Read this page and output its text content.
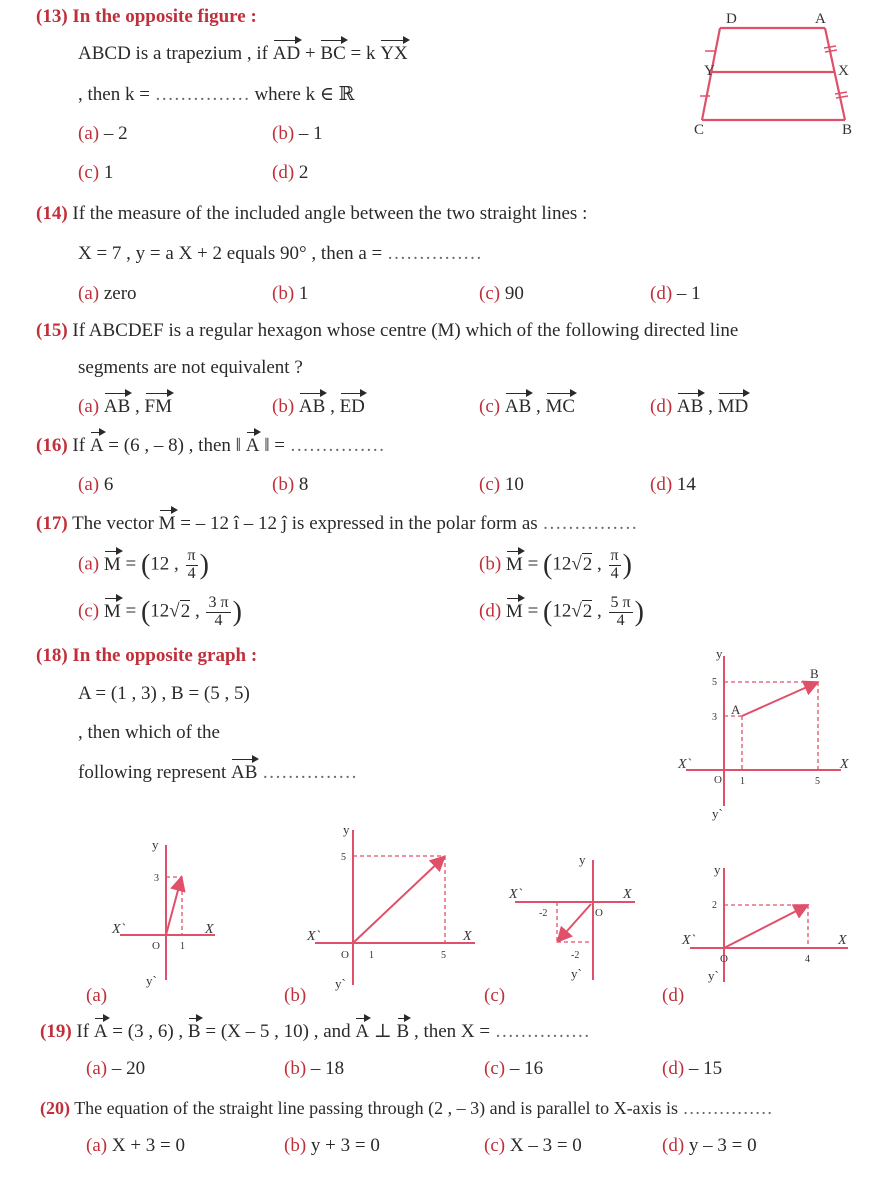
(13) In the opposite figure :
ABCD is a trapezium , if AD + BC = k YX
, then k = …………… where k ∈ ℝ
(a) – 2	(b) – 1
(c) 1	(d) 2
D	A
Y	X
C	B
(14) If the measure of the included angle between the two straight lines :
X = 7 , y = a X + 2 equals 90° , then a = ……………
(a) zero	(b) 1	(c) 90	(d) – 1
(15) If ABCDEF is a regular hexagon whose centre (M) which of the following directed line
segments are not equivalent ?
(a) AB , FM	(b) AB , ED	(c) AB , MC	(d) AB , MD
(16) If A = (6 , – 8) , then ‖ A ‖ = ……………
(a) 6	(b) 8	(c) 10	(d) 14
(17) The vector M = – 12 î – 12 ĵ is expressed in the polar form as ……………
(a) M = (12 , $\frac{\pi}{4}$ )	(b) M = (12√2 , $\frac{\pi}{4}$ )
(c) M = (12√2 , $\frac{3 \pi}{4}$ )	(d) M = (12√2 , $\frac{5 \pi}{4}$ )
(18) In the opposite graph :
A = (1 , 3) , B = (5 , 5)
, then which of the
following represent AB ……………
y
X
X`
y`
O
A
B
5
3
1	5
y
X
X`
y`
O
3
1
(a)
y
X
X`
y`
O
5
1	5
(b)
y
X
X`
y`
O
-2
-2
(c)
y
X
X`
y`
O
2
4
(d)
(19) If A = (3 , 6) , B = (X – 5 , 10) , and A ⊥ B , then X = ……………
(a) – 20	(b) – 18	(c) – 16	(d) – 15
(20) The equation of the straight line passing through (2 , – 3) and is parallel to X-axis is ……………
(a) X + 3 = 0	(b) y + 3 = 0	(c) X – 3 = 0	(d) y – 3 = 0
